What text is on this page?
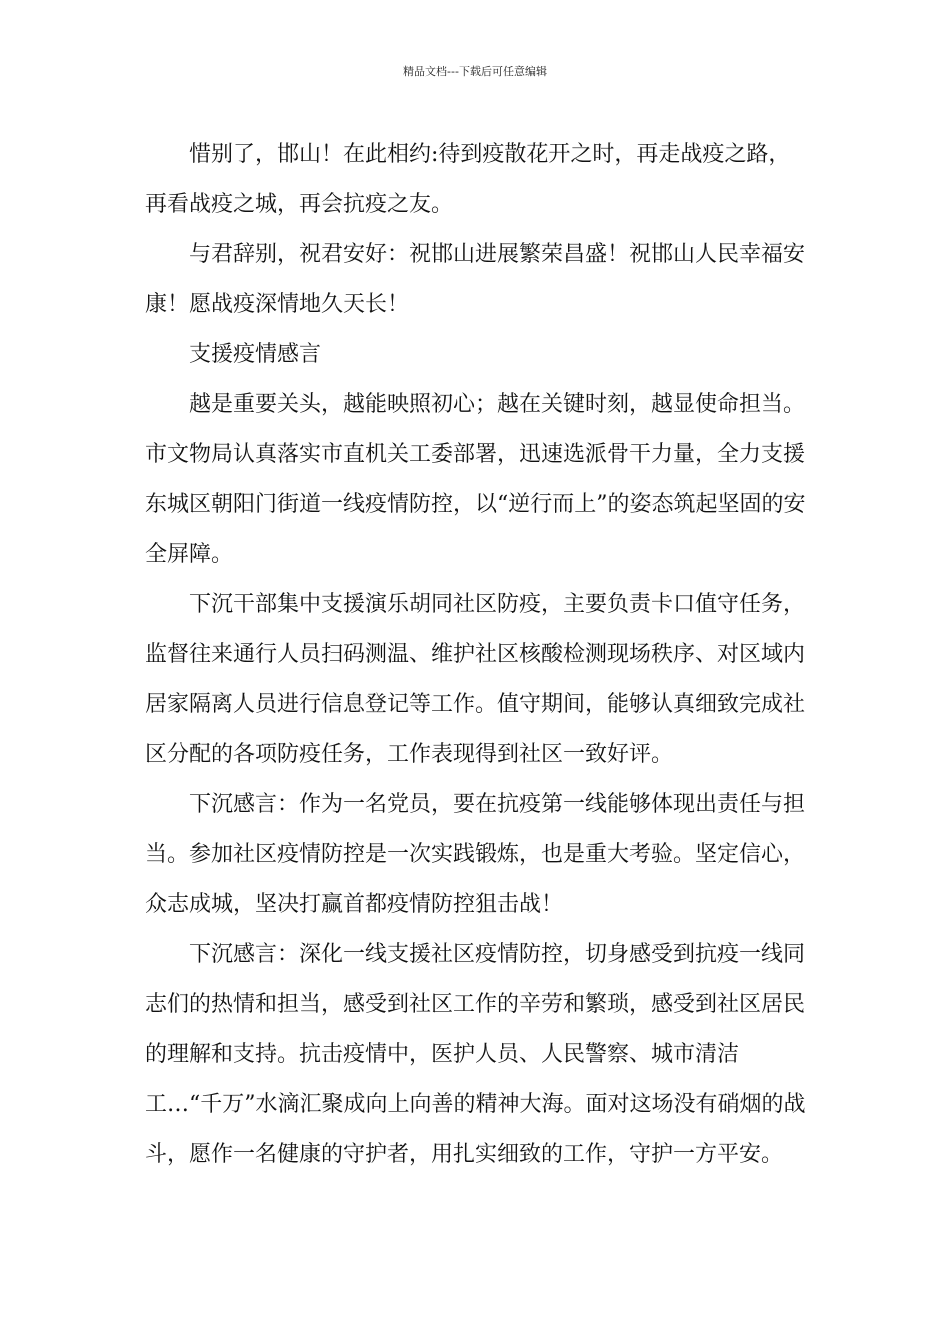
精品文档---下载后可任意编辑

惜别了，邯山！在此相约:待到疫散花开之时，再走战疫之路，再看战疫之城，再会抗疫之友。

与君辞别，祝君安好：祝邯山进展繁荣昌盛！祝邯山人民幸福安康！愿战疫深情地久天长！

支援疫情感言

越是重要关头，越能映照初心；越在关键时刻，越显使命担当。市文物局认真落实市直机关工委部署，迅速选派骨干力量，全力支援东城区朝阳门街道一线疫情防控，以“逆行而上”的姿态筑起坚固的安全屏障。

下沉干部集中支援演乐胡同社区防疫，主要负责卡口值守任务，监督往来通行人员扫码测温、维护社区核酸检测现场秩序、对区域内居家隔离人员进行信息登记等工作。值守期间，能够认真细致完成社区分配的各项防疫任务，工作表现得到社区一致好评。

下沉感言：作为一名党员，要在抗疫第一线能够体现出责任与担当。参加社区疫情防控是一次实践锻炼，也是重大考验。坚定信心，众志成城，坚决打赢首都疫情防控狙击战！

下沉感言：深化一线支援社区疫情防控，切身感受到抗疫一线同志们的热情和担当，感受到社区工作的辛劳和繁琐，感受到社区居民的理解和支持。抗击疫情中，医护人员、人民警察、城市清洁工…“千万”水滴汇聚成向上向善的精神大海。面对这场没有硝烟的战斗，愿作一名健康的守护者，用扎实细致的工作，守护一方平安。
